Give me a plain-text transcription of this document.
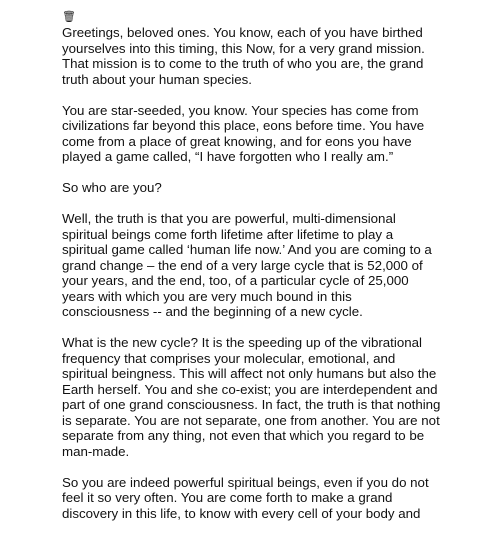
🗑

Greetings, beloved ones. You know, each of you have birthed
yourselves into this timing, this Now, for a very grand mission.
That mission is to come to the truth of who you are, the grand
truth about your human species.

You are star-seeded, you know. Your species has come from
civilizations far beyond this place, eons before time. You have
come from a place of great knowing, and for eons you have
played a game called, “I have forgotten who I really am.”

So who are you?

Well, the truth is that you are powerful, multi-dimensional
spiritual beings come forth lifetime after lifetime to play a
spiritual game called ‘human life now.’ And you are coming to a
grand change – the end of a very large cycle that is 52,000 of
your years, and the end, too, of a particular cycle of 25,000
years with which you are very much bound in this
consciousness -- and the beginning of a new cycle.

What is the new cycle? It is the speeding up of the vibrational
frequency that comprises your molecular, emotional, and
spiritual beingness. This will affect not only humans but also the
Earth herself. You and she co-exist; you are interdependent and
part of one grand consciousness. In fact, the truth is that nothing
is separate. You are not separate, one from another. You are not
separate from any thing, not even that which you regard to be
man-made.

So you are indeed powerful spiritual beings, even if you do not
feel it so very often. You are come forth to make a grand
discovery in this life, to know with every cell of your body and
